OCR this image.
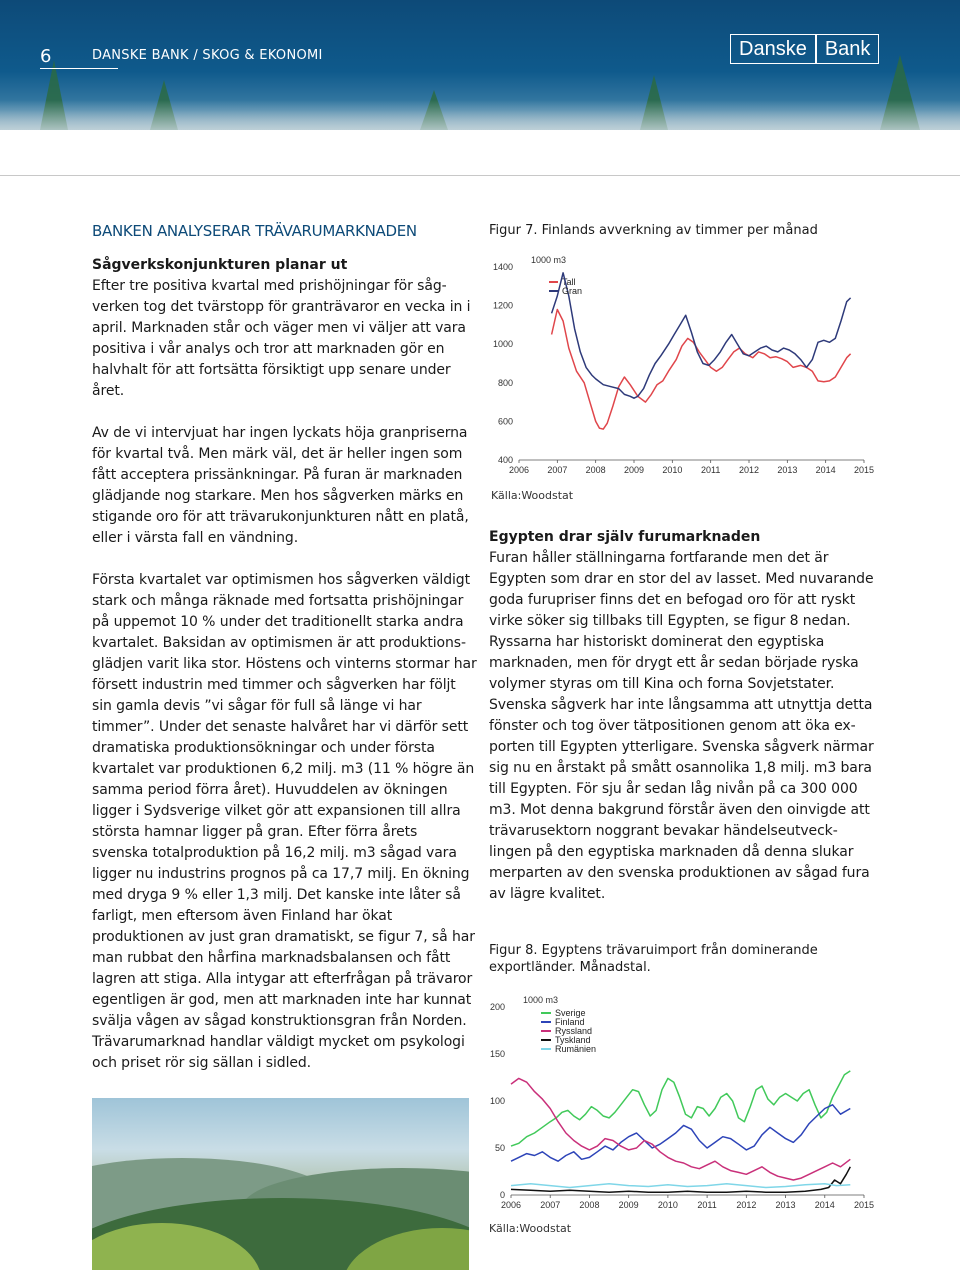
6	DANSKE BANK / SKOG & EKONOMI	Danske Bank
BANKEN ANALYSERAR TRÄVARUMARKNADEN
Sågverkskonjunkturen planar ut

Efter tre positiva kvartal med prishöjningar för sågverken tog det tvärstopp för granträvaror en vecka in i april. Marknaden står och väger men vi väljer att vara positiva i vår analys och tror att marknaden gör en halvhalt för att fortsätta försiktigt upp senare under året.

Av de vi intervjuat har ingen lyckats höja granpriserna för kvartal två. Men märk väl, det är heller ingen som fått acceptera prissänkningar. På furan är marknaden glädjande nog starkare. Men hos sågverken märks en stigande oro för att trävarukonjunkturen nått en platå, eller i värsta fall en vändning.

Första kvartalet var optimismen hos sågverken väldigt stark och många räknade med fortsatta prishöjningar på uppemot 10 % under det traditionellt starka andra kvartalet. Baksidan av optimismen är att produktionsglädjen varit lika stor. Höstens och vinterns stormar har försett industrin med timmer och sågverken har följt sin gamla devis ”vi sågar för full så länge vi har timmer”. Under det senaste halvåret har vi därför sett dramatiska produktionsökningar och under första kvartalet var produktionen 6,2 milj. m3 (11 % högre än samma period förra året). Huvuddelen av ökningen ligger i Sydsverige vilket gör att expansionen till allra största hamnar ligger på gran. Efter förra årets svenska totalproduktion på 16,2 milj. m3 sågad vara ligger nu industrins prognos på ca 17,7 milj. En ökning med dryga 9 % eller 1,3 milj. Det kanske inte låter så farligt, men eftersom även Finland har ökat produktionen av just gran dramatiskt, se figur 7, så har man rubbat den hårfina marknadsbalansen och fått lagren att stiga. Alla intygar att efterfrågan på trävaror egentligen är god, men att marknaden inte har kunnat svälja vågen av sågad konstruktionsgran från Norden. Trävarumarknad handlar väldigt mycket om psykologi och priset rör sig sällan i sidled.

Figur 7. Finlands avverkning av timmer per månad
400
600
800
1000
1200
1400
2006 2007 2008 2009 2010 2011 2012 2013 2014 2015
1000 m3
Tall
Gran
Källa:Woodstat
Egypten drar själv furumarknaden

Furan håller ställningarna fortfarande men det är Egypten som drar en stor del av lasset. Med nuvarande goda furupriser finns det en befogad oro för att ryskt virke söker sig tillbaks till Egypten, se figur 8 nedan. Ryssarna har historiskt dominerat den egyptiska marknaden, men för drygt ett år sedan började ryska volymer styras om till Kina och forna Sovjetstater. Svenska sågverk har inte långsamma att utnyttja detta fönster och tog över tätpositionen genom att öka exporten till Egypten ytterligare. Svenska sågverk närmar sig nu en årstakt på smått osannolika 1,8 milj. m3 bara till Egypten. För sju år sedan låg nivån på ca 300 000 m3. Mot denna bakgrund förstår även den oinvigde att trävarusektorn noggrant bevakar händelseutvecklingen på den egyptiska marknaden då denna slukar merparten av den svenska produktionen av sågad fura av lägre kvalitet.

Figur 8. Egyptens trävaruimport från dominerande exportländer. Månadstal.
0
50
100
150
200
2006 2007 2008 2009 2010 2011 2012 2013 2014 2015
1000 m3
Sverige
Finland
Ryssland
Tyskland
Rumänien
Källa:Woodstat
